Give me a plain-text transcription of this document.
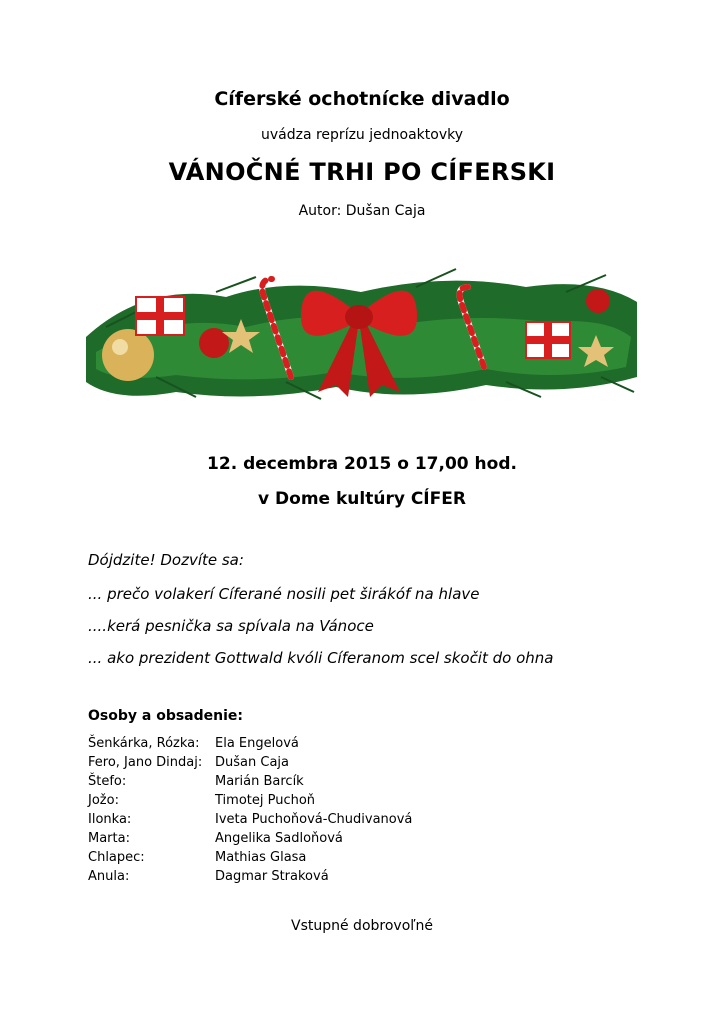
Cíferské ochotnícke divadlo
uvádza reprízu jednoaktovky
VÁNOČNÉ TRHI PO CÍFERSKI
Autor: Dušan Caja
12. decembra 2015 o 17,00 hod.
v Dome kultúry CÍFER
Dójdzite! Dozvíte sa:
... prečo volakerí Cíferané nosili pet širákóf na hlave
....kerá pesnička sa spívala na Vánoce
... ako prezident Gottwald kvóli Cíferanom scel skočit do ohna
Osoby a obsadenie:
Šenkárka, Rózka: Ela Engelová
Fero, Jano Dindaj: Dušan Caja
Štefo:	Marián Barcík
Jožo:	Timotej Puchoň
Ilonka:	Iveta Puchoňová-Chudivanová
Marta:	Angelika Sadloňová
Chlapec:	Mathias Glasa
Anula:	Dagmar Straková
Vstupné dobrovoľné
